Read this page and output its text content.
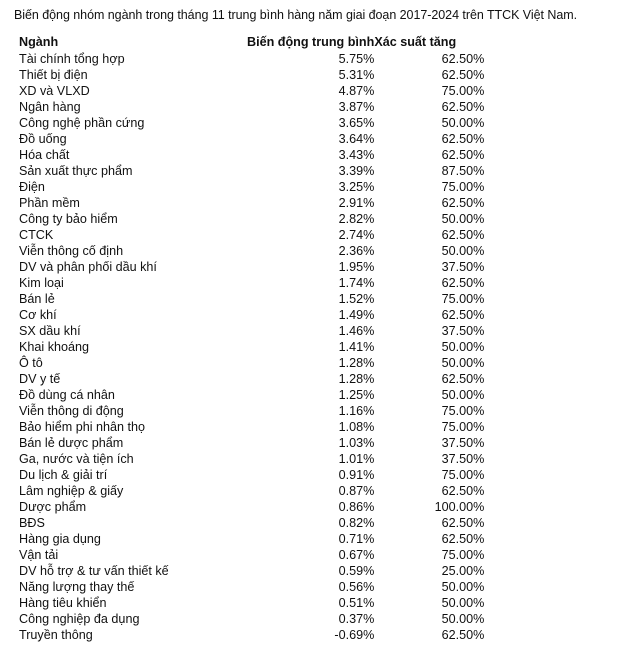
Biến động nhóm ngành trong tháng 11 trung bình hàng năm giai đoạn 2017-2024 trên TTCK Việt Nam.
Ngành	Biến động trung bình	Xác suất tăng
Tài chính tổng hợp	5.75%	62.50%
Thiết bị điện	5.31%	62.50%
XD và VLXD	4.87%	75.00%
Ngân hàng	3.87%	62.50%
Công nghệ phần cứng	3.65%	50.00%
Đồ uống	3.64%	62.50%
Hóa chất	3.43%	62.50%
Sản xuất thực phẩm	3.39%	87.50%
Điện	3.25%	75.00%
Phần mềm	2.91%	62.50%
Công ty bảo hiểm	2.82%	50.00%
CTCK	2.74%	62.50%
Viễn thông cố định	2.36%	50.00%
DV và phân phối dầu khí	1.95%	37.50%
Kim loại	1.74%	62.50%
Bán lẻ	1.52%	75.00%
Cơ khí	1.49%	62.50%
SX dầu khí	1.46%	37.50%
Khai khoáng	1.41%	50.00%
Ô tô	1.28%	50.00%
DV y tế	1.28%	62.50%
Đồ dùng cá nhân	1.25%	50.00%
Viễn thông di động	1.16%	75.00%
Bảo hiểm phi nhân thọ	1.08%	75.00%
Bán lẻ dược phẩm	1.03%	37.50%
Ga, nước và tiện ích	1.01%	37.50%
Du lịch & giải trí	0.91%	75.00%
Lâm nghiệp & giấy	0.87%	62.50%
Dược phẩm	0.86%	100.00%
BĐS	0.82%	62.50%
Hàng gia dụng	0.71%	62.50%
Vận tải	0.67%	75.00%
DV hỗ trợ & tư vấn thiết kế	0.59%	25.00%
Năng lượng thay thế	0.56%	50.00%
Hàng tiêu khiển	0.51%	50.00%
Công nghiệp đa dụng	0.37%	50.00%
Truyền thông	-0.69%	62.50%
